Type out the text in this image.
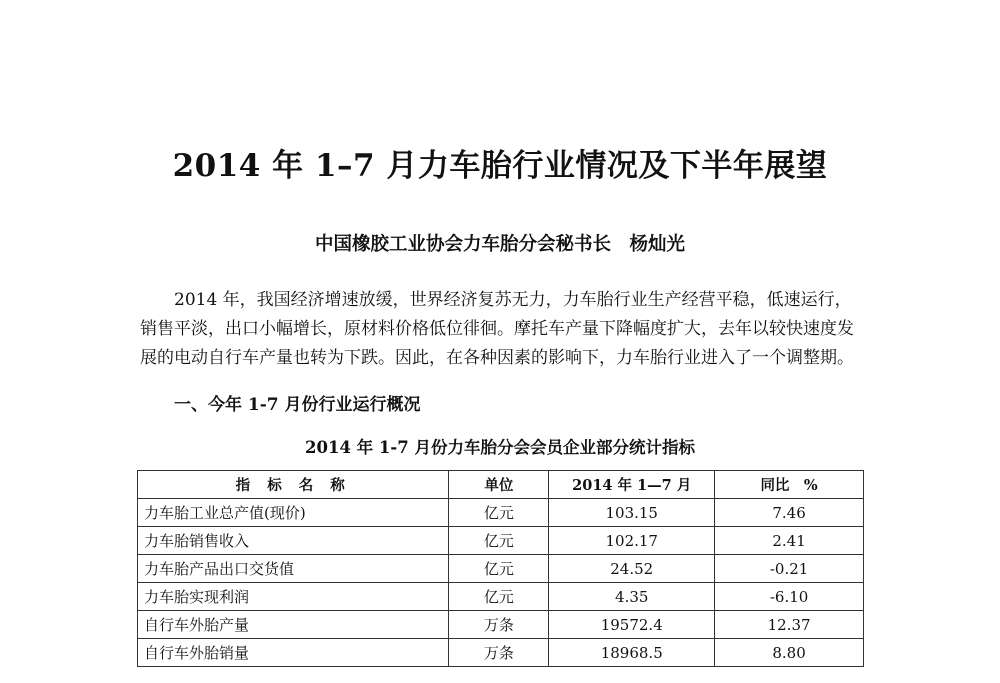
2014 年 1–7 月力车胎行业情况及下半年展望
中国橡胶工业协会力车胎分会秘书长　杨灿光

2014 年，我国经济增速放缓，世界经济复苏无力，力车胎行业生产经营平稳，低速运行，销售平淡，出口小幅增长，原材料价格低位徘徊。摩托车产量下降幅度扩大，去年以较快速度发展的电动自行车产量也转为下跌。因此，在各种因素的影响下，力车胎行业进入了一个调整期。

一、今年 1-7 月份行业运行概况
2014 年 1-7 月份力车胎分会会员企业部分统计指标
指 标 名 称	单位	2014 年 1—7 月	同比　%
力车胎工业总产值(现价)	亿元	103.15	7.46
力车胎销售收入	亿元	102.17	2.41
力车胎产品出口交货值	亿元	24.52	-0.21
力车胎实现利润	亿元	4.35	-6.10
自行车外胎产量	万条	19572.4	12.37
自行车外胎销量	万条	18968.5	8.80
